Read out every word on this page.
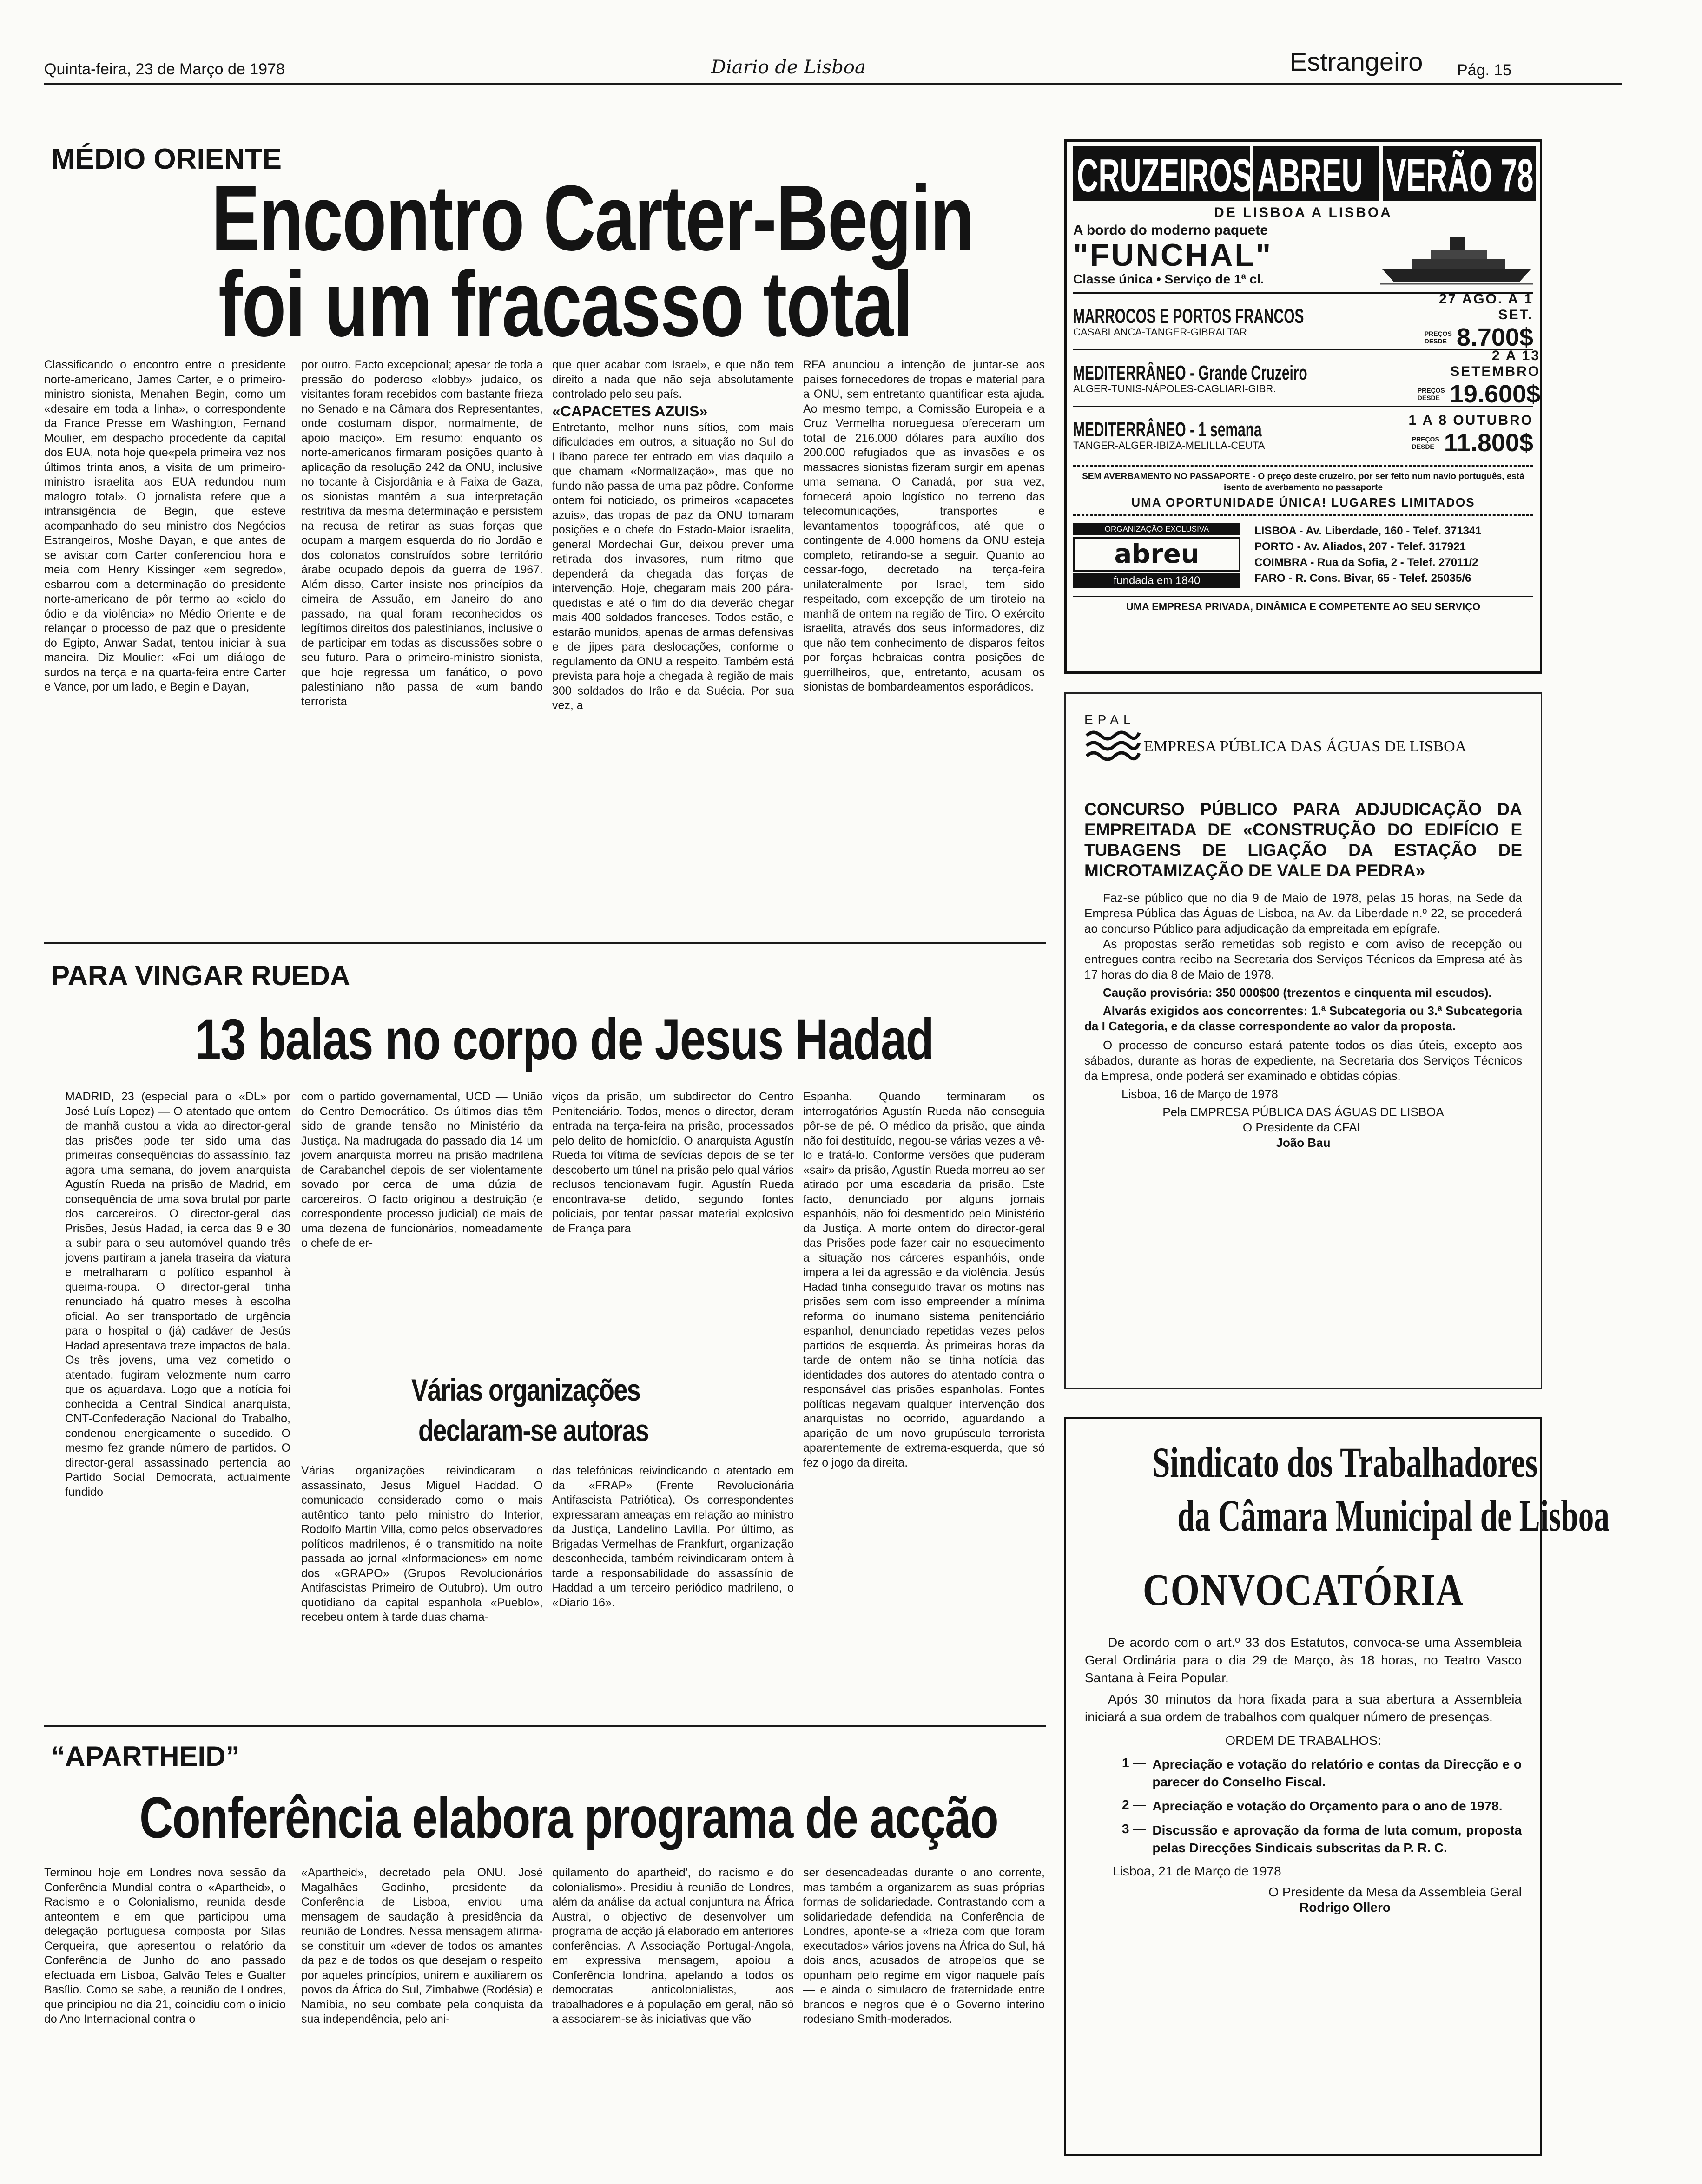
Quinta-feira, 23 de Março de 1978	Diario de Lisboa	Estrangeiro Pág. 15
MÉDIO ORIENTE
Encontro Carter-Begin
foi um fracasso total
Classificando o encontro entre o presidente norte-americano, James Carter, e o primeiro-ministro sionista, Menahen Begin, como um «desaire em toda a linha», o correspondente da France Presse em Washington, Fernand Moulier, em despacho procedente da capital dos EUA, nota hoje que«pela primeira vez nos últimos trinta anos, a visita de um primeiro-ministro israelita aos EUA redundou num malogro total». O jornalista refere que a intransigência de Begin, que esteve acompanhado do seu ministro dos Negócios Estrangeiros, Moshe Dayan, e que antes de se avistar com Carter conferenciou hora e meia com Henry Kissinger «em segredo», esbarrou com a determinação do presidente norte-americano de pôr termo ao «ciclo do ódio e da violência» no Médio Oriente e de relançar o processo de paz que o presidente do Egipto, Anwar Sadat, tentou iniciar à sua maneira. Diz Moulier: «Foi um diálogo de surdos na terça e na quarta-feira entre Carter e Vance, por um lado, e Begin e Dayan,
por outro. Facto excepcional; apesar de toda a pressão do poderoso «lobby» judaico, os visitantes foram recebidos com bastante frieza no Senado e na Câmara dos Representantes, onde costumam dispor, normalmente, de apoio maciço». Em resumo: enquanto os norte-americanos firmaram posições quanto à aplicação da resolução 242 da ONU, inclusive no tocante à Cisjordânia e à Faixa de Gaza, os sionistas mantêm a sua interpretação restritiva da mesma determinação e persistem na recusa de retirar as suas forças que ocupam a margem esquerda do rio Jordão e dos colonatos construídos sobre território árabe ocupado depois da guerra de 1967. Além disso, Carter insiste nos princípios da cimeira de Assuão, em Janeiro do ano passado, na qual foram reconhecidos os legítimos direitos dos palestinianos, inclusive o de participar em todas as discussões sobre o seu futuro. Para o primeiro-ministro sionista, que hoje regressa um fanático, o povo palestiniano não passa de «um bando terrorista
que quer acabar com Israel», e que não tem direito a nada que não seja absolutamente controlado pelo seu país.
«CAPACETES AZUIS»
Entretanto, melhor nuns sítios, com mais dificuldades em outros, a situação no Sul do Líbano parece ter entrado em vias daquilo a que chamam «Normalização», mas que no fundo não passa de uma paz pôdre. Conforme ontem foi noticiado, os primeiros «capacetes azuis», das tropas de paz da ONU tomaram posições e o chefe do Estado-Maior israelita, general Mordechai Gur, deixou prever uma retirada dos invasores, num ritmo que dependerá da chegada das forças de intervenção. Hoje, chegaram mais 200 pára-quedistas e até o fim do dia deverão chegar mais 400 soldados franceses. Todos estão, e estarão munidos, apenas de armas defensivas e de jipes para deslocações, conforme o regulamento da ONU a respeito. Também está prevista para hoje a chegada à região de mais 300 soldados do Irão e da Suécia. Por sua vez, a
RFA anunciou a intenção de juntar-se aos países fornecedores de tropas e material para a ONU, sem entretanto quantificar esta ajuda. Ao mesmo tempo, a Comissão Europeia e a Cruz Vermelha norueguesa ofereceram um total de 216.000 dólares para auxílio dos 200.000 refugiados que as invasões e os massacres sionistas fizeram surgir em apenas uma semana. O Canadá, por sua vez, fornecerá apoio logístico no terreno das telecomunicações, transportes e levantamentos topográficos, até que o contingente de 4.000 homens da ONU esteja completo, retirando-se a seguir. Quanto ao cessar-fogo, decretado na terça-feira unilateralmente por Israel, tem sido respeitado, com excepção de um tiroteio na manhã de ontem na região de Tiro. O exército israelita, através dos seus informadores, diz que não tem conhecimento de disparos feitos por forças hebraicas contra posições de guerrilheiros, que, entretanto, acusam os sionistas de bombardeamentos esporádicos.
PARA VINGAR RUEDA
13 balas no corpo de Jesus Hadad
MADRID, 23 (especial para o «DL» por José Luís Lopez) — O atentado que ontem de manhã custou a vida ao director-geral das prisões pode ter sido uma das primeiras consequências do assassínio, faz agora uma semana, do jovem anarquista Agustín Rueda na prisão de Madrid, em consequência de uma sova brutal por parte dos carcereiros. O director-geral das Prisões, Jesús Hadad, ia cerca das 9 e 30 a subir para o seu automóvel quando três jovens partiram a janela traseira da viatura e metralharam o político espanhol à queima-roupa. O director-geral tinha renunciado há quatro meses à escolha oficial. Ao ser transportado de urgência para o hospital o (já) cadáver de Jesús Hadad apresentava treze impactos de bala. Os três jovens, uma vez cometido o atentado, fugiram velozmente num carro que os aguardava. Logo que a notícia foi conhecida a Central Sindical anarquista, CNT-Confederação Nacional do Trabalho, condenou energicamente o sucedido. O mesmo fez grande número de partidos. O director-geral assassinado pertencia ao Partido Social Democrata, actualmente fundido
com o partido governamental, UCD — União do Centro Democrático. Os últimos dias têm sido de grande tensão no Ministério da Justiça. Na madrugada do passado dia 14 um jovem anarquista morreu na prisão madrilena de Carabanchel depois de ser violentamente sovado por cerca de uma dúzia de carcereiros. O facto originou a destruição (e correspondente processo judicial) de mais de uma dezena de funcionários, nomeadamente o chefe de er-
viços da prisão, um subdirector do Centro Penitenciário. Todos, menos o director, deram entrada na terça-feira na prisão, processados pelo delito de homicídio. O anarquista Agustín Rueda foi vítima de sevícias depois de se ter descoberto um túnel na prisão pelo qual vários reclusos tencionavam fugir. Agustín Rueda encontrava-se detido, segundo fontes policiais, por tentar passar material explosivo de França para
Espanha. Quando terminaram os interrogatórios Agustín Rueda não conseguia pôr-se de pé. O médico da prisão, que ainda não foi destituído, negou-se várias vezes a vê-lo e tratá-lo. Conforme versões que puderam «sair» da prisão, Agustín Rueda morreu ao ser atirado por uma escadaria da prisão. Este facto, denunciado por alguns jornais espanhóis, não foi desmentido pelo Ministério da Justiça. A morte ontem do director-geral das Prisões pode fazer cair no esquecimento a situação nos cárceres espanhóis, onde impera a lei da agressão e da violência. Jesús Hadad tinha conseguido travar os motins nas prisões sem com isso empreender a mínima reforma do inumano sistema penitenciário espanhol, denunciado repetidas vezes pelos partidos de esquerda. Às primeiras horas da tarde de ontem não se tinha notícia das identidades dos autores do atentado contra o responsável das prisões espanholas. Fontes políticas negavam qualquer intervenção dos anarquistas no ocorrido, aguardando a aparição de um novo grupúsculo terrorista aparentemente de extrema-esquerda, que só fez o jogo da direita.
Várias organizações
declaram-se autoras
Várias organizações reivindicaram o assassinato, Jesus Miguel Haddad. O comunicado considerado como o mais autêntico tanto pelo ministro do Interior, Rodolfo Martin Villa, como pelos observadores políticos madrilenos, é o transmitido na noite passada ao jornal «Informaciones» em nome dos «GRAPO» (Grupos Revolucionários Antifascistas Primeiro de Outubro). Um outro quotidiano da capital espanhola «Pueblo», recebeu ontem à tarde duas chama-
das telefónicas reivindicando o atentado em da «FRAP» (Frente Revolucionária Antifascista Patriótica). Os correspondentes expressaram ameaças em relação ao ministro da Justiça, Landelino Lavilla. Por último, as Brigadas Vermelhas de Frankfurt, organização desconhecida, também reivindicaram ontem à tarde a responsabilidade do assassínio de Haddad a um terceiro periódico madrileno, o «Diario 16».
“APARTHEID”
Conferência elabora programa de acção
Terminou hoje em Londres nova sessão da Conferência Mundial contra o «Apartheid», o Racismo e o Colonialismo, reunida desde anteontem e em que participou uma delegação portuguesa composta por Silas Cerqueira, que apresentou o relatório da Conferência de Junho do ano passado efectuada em Lisboa, Galvão Teles e Gualter Basílio. Como se sabe, a reunião de Londres, que principiou no dia 21, coincidiu com o início do Ano Internacional contra o
«Apartheid», decretado pela ONU. José Magalhães Godinho, presidente da Conferência de Lisboa, enviou uma mensagem de saudação à presidência da reunião de Londres. Nessa mensagem afirma-se constituir um «dever de todos os amantes da paz e de todos os que desejam o respeito por aqueles princípios, unirem e auxiliarem os povos da África do Sul, Zimbabwe (Rodésia) e Namíbia, no seu combate pela conquista da sua independência, pelo ani-
quilamento do apartheid', do racismo e do colonialismo». Presidiu à reunião de Londres, além da análise da actual conjuntura na África Austral, o objectivo de desenvolver um programa de acção já elaborado em anteriores conferências. A Associação Portugal-Angola, em expressiva mensagem, apoiou a Conferência londrina, apelando a todos os democratas anticolonialistas, aos trabalhadores e à população em geral, não só a associarem-se às iniciativas que vão
ser desencadeadas durante o ano corrente, mas também a organizarem as suas próprias formas de solidariedade. Contrastando com a solidariedade defendida na Conferência de Londres, aponte-se a «frieza com que foram executados» vários jovens na África do Sul, há dois anos, acusados de atropelos que se opunham pelo regime em vigor naquele país — e ainda o simulacro de fraternidade entre brancos e negros que é o Governo interino rodesiano Smith-moderados.
CRUZEIROS ABREU VERÃO 78
DE LISBOA A LISBOA
A bordo do moderno paquete
"FUNCHAL"
Classe única • Serviço de 1ª cl.
MARROCOS E PORTOS FRANCOS
CASABLANCA-TANGER-GIBRALTAR
27 AGO. A 1 SET.
PREÇOS
DESDE 8.700$
MEDITERRÂNEO - Grande Cruzeiro
ALGER-TUNIS-NÁPOLES-CAGLIARI-GIBR.
2 A 13 SETEMBRO
PREÇOS
DESDE 19.600$
MEDITERRÂNEO - 1 semana
TANGER-ALGER-IBIZA-MELILLA-CEUTA
1 A 8 OUTUBRO
PREÇOS
DESDE 11.800$
SEM AVERBAMENTO NO PASSAPORTE - O preço deste cruzeiro, por ser feito num navio português, está isento de averbamento no passaporte
UMA OPORTUNIDADE ÚNICA! LUGARES LIMITADOS
ORGANIZAÇÃO EXCLUSIVA
abreu
fundada em 1840
LISBOA - Av. Liberdade, 160 - Telef. 371341
PORTO - Av. Aliados, 207 - Telef. 317921
COIMBRA - Rua da Sofia, 2 - Telef. 27011/2
FARO - R. Cons. Bivar, 65 - Telef. 25035/6
UMA EMPRESA PRIVADA, DINÂMICA E COMPETENTE AO SEU SERVIÇO
EPAL
EMPRESA PÚBLICA DAS ÁGUAS DE LISBOA
CONCURSO PÚBLICO PARA ADJUDICAÇÃO DA EMPREITADA DE «CONSTRUÇÃO DO EDIFÍCIO E TUBAGENS DE LIGAÇÃO DA ESTAÇÃO DE MICROTAMIZAÇÃO DE VALE DA PEDRA»
Faz-se público que no dia 9 de Maio de 1978, pelas 15 horas, na Sede da Empresa Pública das Águas de Lisboa, na Av. da Liberdade n.º 22, se procederá ao concurso Público para adjudicação da empreitada em epígrafe.
As propostas serão remetidas sob registo e com aviso de recepção ou entregues contra recibo na Secretaria dos Serviços Técnicos da Empresa até às 17 horas do dia 8 de Maio de 1978.
Caução provisória: 350 000$00 (trezentos e cinquenta mil escudos).
Alvarás exigidos aos concorrentes: 1.ª Subcategoria ou 3.ª Subcategoria da I Categoria, e da classe correspondente ao valor da proposta.
O processo de concurso estará patente todos os dias úteis, excepto aos sábados, durante as horas de expediente, na Secretaria dos Serviços Técnicos da Empresa, onde poderá ser examinado e obtidas cópias.
Lisboa, 16 de Março de 1978
Pela EMPRESA PÚBLICA DAS ÁGUAS DE LISBOA
O Presidente da CFAL
João Bau
Sindicato dos Trabalhadores
da Câmara Municipal de Lisboa
CONVOCATÓRIA
De acordo com o art.º 33 dos Estatutos, convoca-se uma Assembleia Geral Ordinária para o dia 29 de Março, às 18 horas, no Teatro Vasco Santana à Feira Popular.
Após 30 minutos da hora fixada para a sua abertura a Assembleia iniciará a sua ordem de trabalhos com qualquer número de presenças.
ORDEM DE TRABALHOS:
1 — Apreciação e votação do relatório e contas da Direcção e o parecer do Conselho Fiscal.
2 — Apreciação e votação do Orçamento para o ano de 1978.
3 — Discussão e aprovação da forma de luta comum, proposta pelas Direcções Sindicais subscritas da P. R. C.
Lisboa, 21 de Março de 1978
O Presidente da Mesa da Assembleia Geral
Rodrigo Ollero
